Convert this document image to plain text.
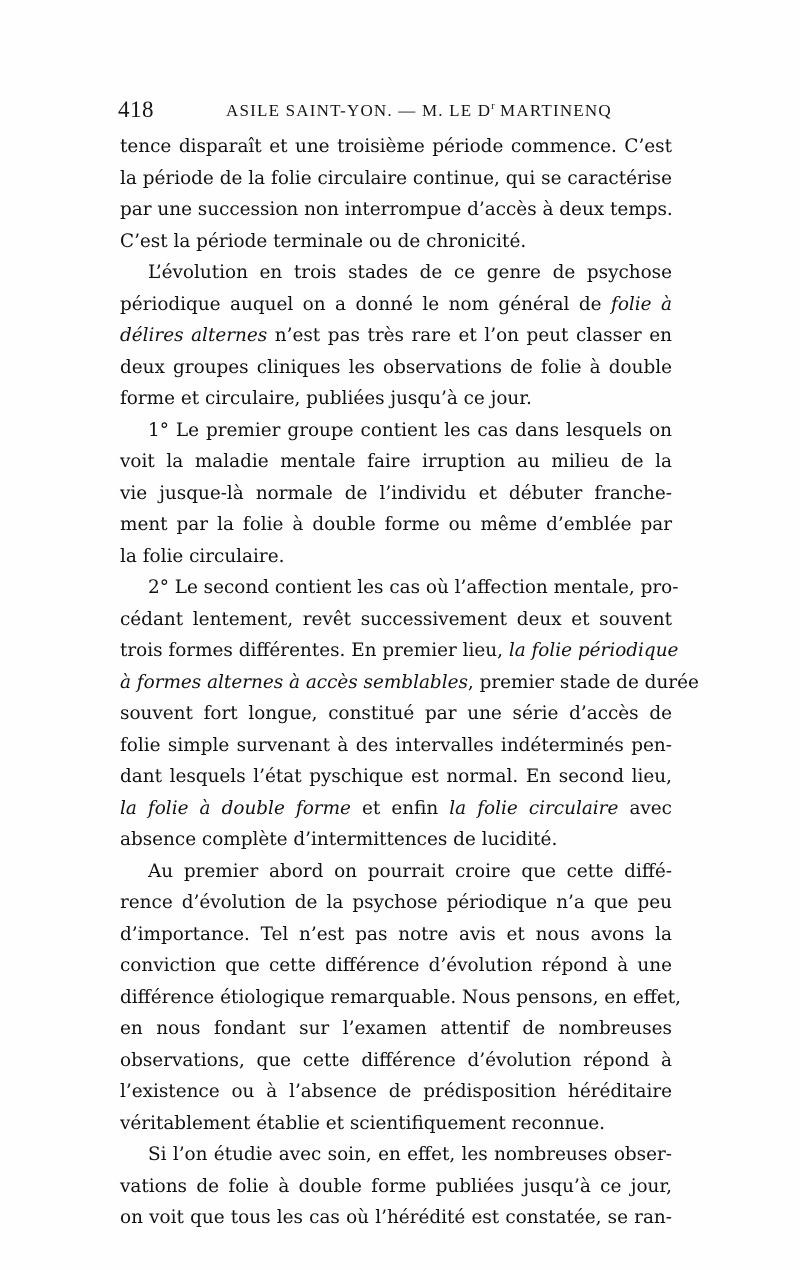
418	ASILE SAINT-YON. — M. LE $D^r$ MARTINENQ
tence disparaît et une troisième période commence. C’est
la période de la folie circulaire continue, qui se caractérise
par une succession non interrompue d’accès à deux temps.
C’est la période terminale ou de chronicité.
L’évolution en trois stades de ce genre de psychose
périodique auquel on a donné le nom général de folie à
délires alternes n’est pas très rare et l’on peut classer en
deux groupes cliniques les observations de folie à double
forme et circulaire, publiées jusqu’à ce jour.
1° Le premier groupe contient les cas dans lesquels on
voit la maladie mentale faire irruption au milieu de la
vie jusque-là normale de l’individu et débuter franche-
ment par la folie à double forme ou même d’emblée par
la folie circulaire.
2° Le second contient les cas où l’affection mentale, pro-
cédant lentement, revêt successivement deux et souvent
trois formes différentes. En premier lieu, la folie périodique
à formes alternes à accès semblables, premier stade de durée
souvent fort longue, constitué par une série d’accès de
folie simple survenant à des intervalles indéterminés pen-
dant lesquels l’état pyschique est normal. En second lieu,
la folie à double forme et enfin la folie circulaire avec
absence complète d’intermittences de lucidité.
Au premier abord on pourrait croire que cette diffé-
rence d’évolution de la psychose périodique n’a que peu
d’importance. Tel n’est pas notre avis et nous avons la
conviction que cette différence d’évolution répond à une
différence étiologique remarquable. Nous pensons, en effet,
en nous fondant sur l’examen attentif de nombreuses
observations, que cette différence d’évolution répond à
l’existence ou à l’absence de prédisposition héréditaire
véritablement établie et scientifiquement reconnue.
Si l’on étudie avec soin, en effet, les nombreuses obser-
vations de folie à double forme publiées jusqu’à ce jour,
on voit que tous les cas où l’hérédité est constatée, se ran-
